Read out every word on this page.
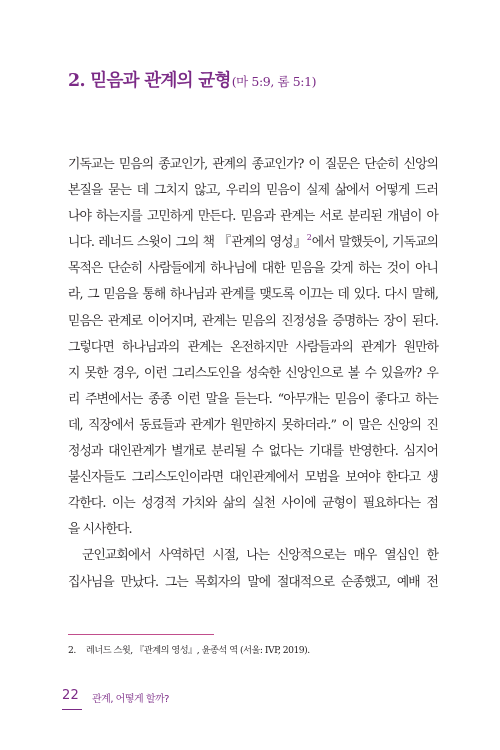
2. 믿음과 관계의 균형(마 5:9, 롬 5:1)

기독교는 믿음의 종교인가, 관계의 종교인가? 이 질문은 단순히 신앙의
본질을 묻는 데 그치지 않고, 우리의 믿음이 실제 삶에서 어떻게 드러
나야 하는지를 고민하게 만든다. 믿음과 관계는 서로 분리된 개념이 아
니다. 레너드 스윗이 그의 책 『관계의 영성』$^2$에서 말했듯이, 기독교의
목적은 단순히 사람들에게 하나님에 대한 믿음을 갖게 하는 것이 아니
라, 그 믿음을 통해 하나님과 관계를 맺도록 이끄는 데 있다. 다시 말해,
믿음은 관계로 이어지며, 관계는 믿음의 진정성을 증명하는 장이 된다.
그렇다면 하나님과의 관계는 온전하지만 사람들과의 관계가 원만하
지 못한 경우, 이런 그리스도인을 성숙한 신앙인으로 볼 수 있을까? 우
리 주변에서는 종종 이런 말을 듣는다. “아무개는 믿음이 좋다고 하는
데, 직장에서 동료들과 관계가 원만하지 못하더라.” 이 말은 신앙의 진
정성과 대인관계가 별개로 분리될 수 없다는 기대를 반영한다. 심지어
불신자들도 그리스도인이라면 대인관계에서 모범을 보여야 한다고 생
각한다. 이는 성경적 가치와 삶의 실천 사이에 균형이 필요하다는 점
을 시사한다.

군인교회에서 사역하던 시절, 나는 신앙적으로는 매우 열심인 한
집사님을 만났다. 그는 목회자의 말에 절대적으로 순종했고, 예배 전

2. 레너드 스윗, 『관계의 영성』, 윤종석 역 (서울: IVP, 2019).
22 관계, 어떻게 할까?
